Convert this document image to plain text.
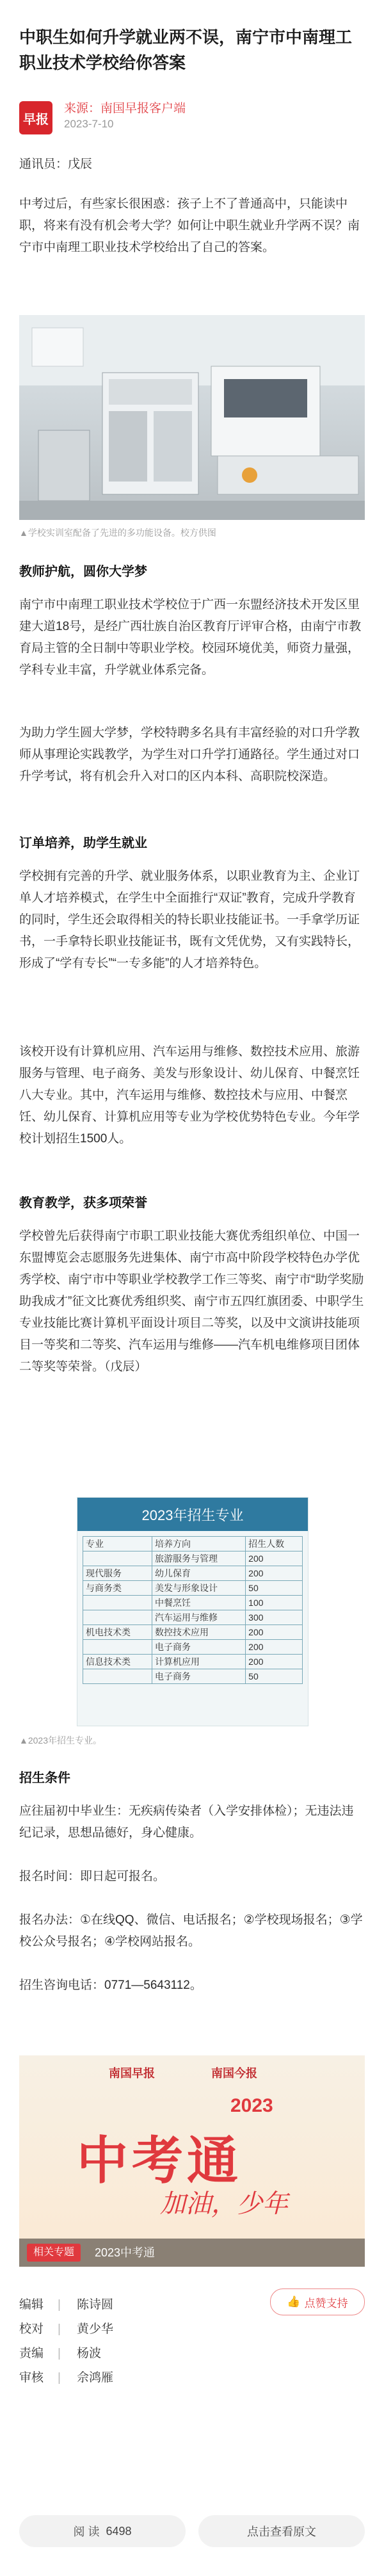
中职生如何升学就业两不误，南宁市中南理工职业技术学校给你答案
早报
来源：南国早报客户端
2023-7-10
通讯员：戊辰
中考过后，有些家长很困惑：孩子上不了普通高中，只能读中职，将来有没有机会考大学？如何让中职生就业升学两不误？南宁市中南理工职业技术学校给出了自己的答案。
▲学校实训室配备了先进的多功能设备。校方供图
教师护航，圆你大学梦
南宁市中南理工职业技术学校位于广西一东盟经济技术开发区里建大道18号，是经广西壮族自治区教育厅评审合格，由南宁市教育局主管的全日制中等职业学校。校园环境优美，师资力量强，学科专业丰富，升学就业体系完备。
为助力学生圆大学梦，学校特聘多名具有丰富经验的对口升学教师从事理论实践教学，为学生对口升学打通路径。学生通过对口升学考试，将有机会升入对口的区内本科、高职院校深造。
订单培养，助学生就业
学校拥有完善的升学、就业服务体系，以职业教育为主、企业订单人才培养模式，在学生中全面推行“双证”教育，完成升学教育的同时，学生还会取得相关的特长职业技能证书。一手拿学历证书，一手拿特长职业技能证书，既有文凭优势，又有实践特长，形成了“学有专长”“一专多能”的人才培养特色。
该校开设有计算机应用、汽车运用与维修、数控技术应用、旅游服务与管理、电子商务、美发与形象设计、幼儿保育、中餐烹饪八大专业。其中，汽车运用与维修、数控技术与应用、中餐烹饪、幼儿保育、计算机应用等专业为学校优势特色专业。今年学校计划招生1500人。
教育教学，获多项荣誉
学校曾先后获得南宁市职工职业技能大赛优秀组织单位、中国一东盟博览会志愿服务先进集体、南宁市高中阶段学校特色办学优秀学校、南宁市中等职业学校教学工作三等奖、南宁市“助学奖励 助我成才”征文比赛优秀组织奖、南宁市五四红旗团委、中职学生专业技能比赛计算机平面设计项目二等奖，以及中文演讲技能项目一等奖和二等奖、汽车运用与维修——汽车机电维修项目团体二等奖等荣誉。（戊辰）
2023年招生专业
专业	培养方向	招生人数
	旅游服务与管理	200
现代服务	幼儿保育	200
与商务类	美发与形象设计	50
	中餐烹饪	100
	汽车运用与维修	300
机电技术类	数控技术应用	200
	电子商务	200
信息技术类	计算机应用	200
	电子商务	50
▲2023年招生专业。
招生条件
应往届初中毕业生：无疾病传染者（入学安排体检）；无违法违纪记录，思想品德好，身心健康。
报名时间：即日起可报名。
报名办法：①在线QQ、微信、电话报名；②学校现场报名；③学校公众号报名；④学校网站报名。
招生咨询电话：0771—5643112。
南国早报	南国今报
2023
中考通
加油，少年
相关专题	2023中考通
编辑 | 陈诗圆
校对 | 黄少华
责编 | 杨波
审核 | 佘鸿雁
👍 点赞支持
阅 读
6498	点击查看原文
